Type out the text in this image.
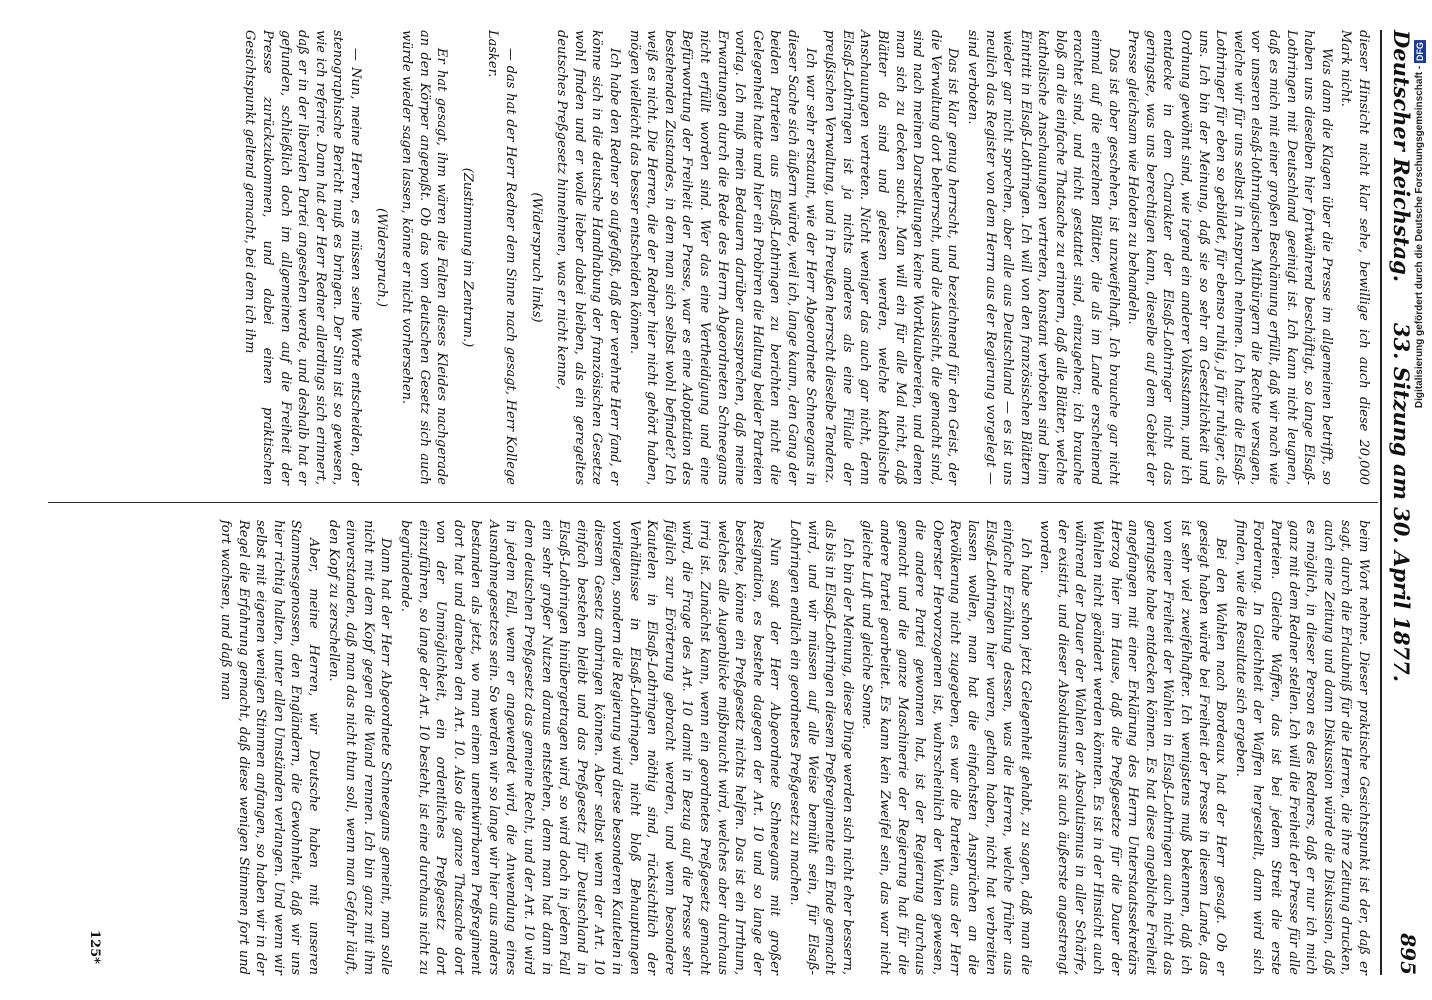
Deutscher Reichstag.
33. Sitzung am 30. April 1877.
895

dieser Hinsicht nicht klar sehe, bewillige ich auch diese 20,000 Mark nicht.

Was dann die Klagen über die Presse im allgemeinen betrifft, so haben uns dieselben hier fortwährend beschäftigt, so lange Elsaß-Lothringen mit Deutschland geeinigt ist. Ich kann nicht leugnen, daß es mich mit einer großen Beschämung erfüllt, daß wir nach wie vor unseren elsaß-lothringischen Mitbürgern die Rechte versagen, welche wir für uns selbst in Anspruch nehmen. Ich hatte die Elsaß-Lothringer für eben so gebildet, für ebenso ruhig, ja für ruhiger, als uns. Ich bin der Meinung, daß sie so sehr an Gesetzlichkeit und Ordnung gewöhnt sind, wie irgend ein anderer Volksstamm, und ich entdecke in dem Charakter der Elsaß-Lothringer nicht das geringste, was uns berechtigen kann, dieselbe auf dem Gebiet der Presse gleichsam wie Heloten zu behandeln.

Das ist aber geschehen, ist unzweifelhaft. Ich brauche gar nicht einmal auf die einzelnen Blätter, die als im Lande erscheinend erachtet sind, und nicht gestattet sind, einzugehen; ich brauche bloß an die einfache Thatsache zu erinnern, daß alle Blätter, welche katholische Anschauungen vertreten, konstant verboten sind beim Eintritt in Elsaß-Lothringen. Ich will von den französischen Blättern wieder gar nicht sprechen, aber alle aus Deutschland — es ist uns neulich das Register von dem Herrn aus der Regierung vorgelegt — sind verboten.

Das ist klar genug herrscht, und bezeichnend für den Geist, der die Verwaltung dort beherrscht, und die Aussicht, die gemacht sind, sind nach meinen Darstellungen keine Wortklaubereien, und denen man sich zu decken sucht. Man will ein für alle Mal nicht, daß Blätter da sind und gelesen werden, welche katholische Anschauungen vertreten. Nicht weniger das auch gar nicht, denn Elsaß-Lothringen ist ja nichts anderes als eine Filiale der preußischen Verwaltung, und in Preußen herrscht dieselbe Tendenz.

Ich war sehr erstaunt, wie der Herr Abgeordnete Schneegans in dieser Sache sich äußern würde, weil ich, lange kaum, den Gang der beiden Parteien aus Elsaß-Lothringen zu berichten nicht die Gelegenheit hatte und hier ein Probiren die Haltung beider Parteien vorlag. Ich muß mein Bedauern darüber aussprechen, daß meine Erwartungen durch die Rede des Herrn Abgeordneten Schneegans nicht erfüllt worden sind. Wer das eine Vertheidigung und eine Befürwortung der Freiheit der Presse, war es eine Adoptation des bestehenden Zustandes, in dem man sich selbst wohl befindet? Ich weiß es nicht. Die Herren, die der Redner hier nicht gehört haben, mögen vielleicht das besser entscheiden können.

Ich habe den Redner so aufgefaßt, daß der verehrte Herr fand, er könne sich in die deutsche Handhabung der französischen Gesetze wohl finden und er wolle lieber dabei bleiben, als ein geregeltes deutsches Preßgesetz hinnehmen, was er nicht kenne,

(Widerspruch links)

— das hat der Herr Redner dem Sinne nach gesagt, Herr Kollege Lasker.

(Zustimmung im Zentrum.)

Er hat gesagt, ihm wären die Falten dieses Kleides nachgerade an den Körper angepaßt. Ob das vom deutschen Gesetz sich auch würde wieder sagen lassen, könne er nicht vorhersehen.

(Widerspruch.)

— Nun, meine Herren, es müssen seine Worte entscheiden, der stenographische Bericht muß es bringen. Der Sinn ist so gewesen, wie ich referire. Dann hat der Herr Redner allerdings sich erinnert, daß er in der liberalen Partei angesehen werde, und deshalb hat er gefunden, schließlich doch im allgemeinen auf die Freiheit der Presse zurückzukommen, und dabei einen praktischen Gesichtspunkt geltend gemacht, bei dem ich ihm

beim Wort nehme. Dieser praktische Gesichtspunkt ist der, daß er sagt, durch die Erlaubniß für die Herren, die ihre Zeitung drucken, auch eine Zeitung und dann Diskussion würde die Diskussion, daß es möglich, in dieser Person es des Redners, daß er nur ich mich ganz mit dem Redner stellen. Ich will die Freiheit der Presse für alle Parteien. Gleiche Waffen, das ist bei jedem Streit die erste Forderung. In Gleichheit der Waffen hergestellt, dann wird sich finden, wie die Resultate sich ergeben.

Bei den Wahlen nach Bordeaux hat der Herr gesagt. Ob er gesiegt haben würde bei Freiheit der Presse in diesem Lande, das ist sehr viel zweifelhafter. Ich wenigstens muß bekennen, daß ich von einer Freiheit der Wahlen in Elsaß-Lothringen auch nicht das geringste habe entdecken können. Es hat diese angebliche Freiheit angefangen mit einer Erklärung des Herrn Unterstaatssekretärs Herzog hier im Hause, daß die Preßgesetze für die Dauer der Wahlen nicht geändert werden könnten. Es ist in der Hinsicht auch während der Dauer der Wahlen der Absolutismus in aller Schärfe, der existirt, und dieser Absolutismus ist auch äußerste angestrengt worden.

Ich habe schon jetzt Gelegenheit gehabt, zu sagen, daß man die einfache Erzählung dessen, was die Herren, welche früher aus Elsaß-Lothringen hier waren, gethan haben, nicht hat verbreiten lassen wollen, man hat die einfachsten Ansprüchen an die Revölkerung nicht zugegeben, es war die Parteien, aus der Herr Oberster Hervorzogenen ist, wahrscheinlich der Wahlen gewesen, die andere Partei gewonnen hat, ist der Regierung durchaus gemacht und die ganze Maschinerie der Regierung hat für die andere Partei gearbeitet. Es kann kein Zweifel sein, das war nicht gleiche Luft und gleiche Sonne.

Ich bin der Meinung, diese Dinge werden sich nicht eher bessern, als bis in Elsaß-Lothringen diesem Preßregimente ein Ende gemacht wird, und wir müssen auf alle Weise bemüht sein, für Elsaß-Lothringen endlich ein geordnetes Preßgesetz zu machen.

Nun sagt der Herr Abgeordnete Schneegans mit großer Resignation, es bestehe dagegen der Art. 10 und so lange der bestehe, könne ein Preßgesetz nichts helfen. Das ist ein Irrthum, welches alle Augenblicke mißbraucht wird, welches aber durchaus irrig ist. Zunächst kann, wenn ein geordnetes Preßgesetz gemacht wird, die Frage des Art. 10 damit in Bezug auf die Presse sehr füglich zur Erörterung gebracht werden, und wenn besondere Kautelen in Elsaß-Lothringen nöthig sind, rücksichtlich der Verhältnisse in Elsaß-Lothringen, nicht bloß Behauptungen vorliegen, sondern die Regierung wird diese besonderen Kautelen in diesem Gesetz anbringen können. Aber selbst wenn der Art. 10 einfach bestehen bleibt und das Preßgesetz für Deutschland in Elsaß-Lothringen hinübergetragen wird, so wird doch in jedem Fall ein sehr großer Nutzen daraus entstehen, denn man hat dann in dem deutschen Preßgesetz das gemeine Recht, und der Art. 10 wird in jedem Fall, wenn er angewendet wird, die Anwendung eines Ausnahmegesetzes sein. So werden wir so lange wir hier aus anders bestanden als jetzt, wo man einem unentwirrbaren Preßregiment dort hat und daneben den Art. 10. Also die ganze Thatsache dort von der Unmöglichkeit, ein ordentliches Preßgesetz dort einzuführen, so lange der Art. 10 besteht, ist eine durchaus nicht zu begründende.

Dann hat der Herr Abgeordnete Schneegans gemeint, man solle nicht mit dem Kopf gegen die Wand rennen. Ich bin ganz mit ihm einverstanden, daß man das nicht thun soll, wenn man Gefahr läuft, den Kopf zu zerschellen.

Aber, meine Herren, wir Deutsche haben mit unseren Stammesgenossen, den Engländern, die Gewohnheit, daß wir uns hier richtig halten, unter allen Umständen verlangen. Und wenn wir selbst mit eigenen wenigen Stimmen anfangen, so haben wir in der Regel die Erfahrung gemacht, daß diese wenigen Stimmen fort und fort wachsen, und daß man

125*
Digitalisierung gefördert durch die Deutsche Forschungsgemeinschaft - DFG
